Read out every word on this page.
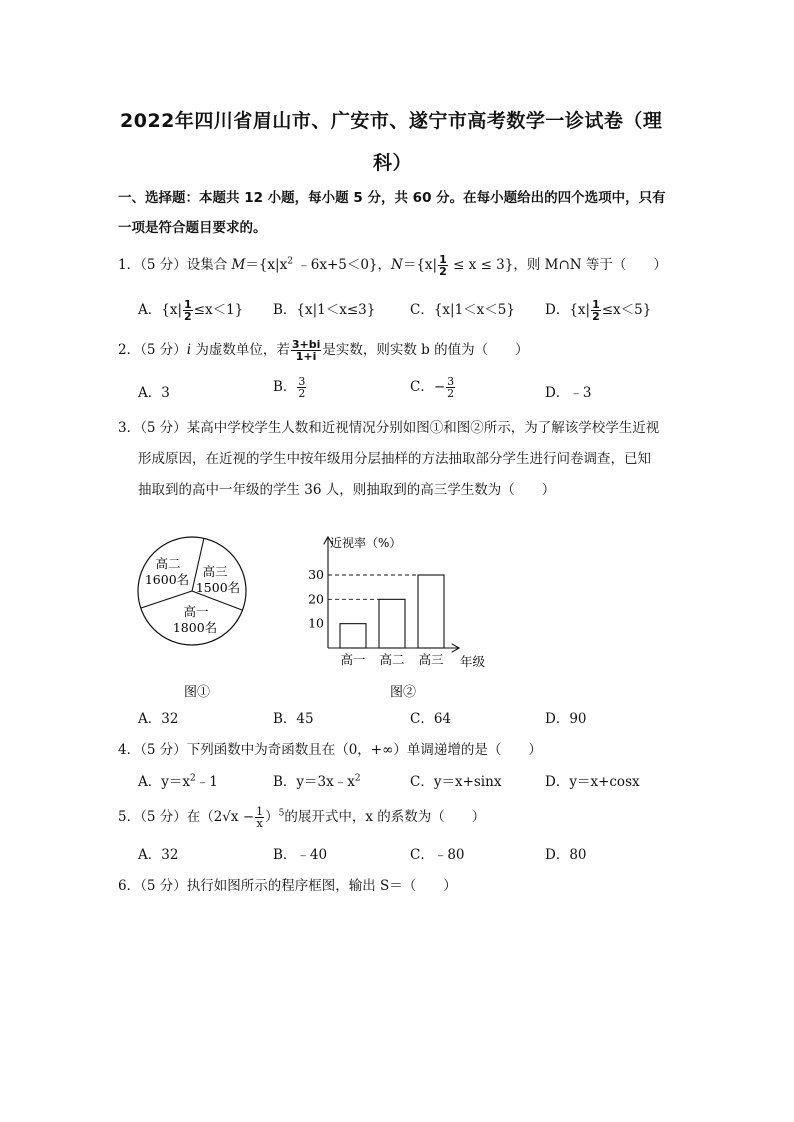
2022年四川省眉山市、广安市、遂宁市高考数学一诊试卷（理
科）
一、选择题：本题共 12 小题，每小题 5 分，共 60 分。在每小题给出的四个选项中，只有
一项是符合题目要求的。
1．（5 分）设集合 $M=\{x|x^2$ ﹣6x+5＜0}，$N=\{x| \frac{1}{2} \le x \le 3\}$，则 M∩N 等于（　　）
A．$\{x| \frac{1}{2} \le x<1\}$ B．{x|1＜x≤3}	C．{x|1＜x＜5} D．$\{x| \frac{1}{2} \le x<5\}$
2．（5 分）i 为虚数单位，若 $\frac{3+bi}{1+i}$ 是实数，则实数 b 的值为（　　）
A．3	B． $\frac{3}{2}$	C．− $\frac{3}{2}$	D．﹣3
3．（5 分）某高中学校学生人数和近视情况分别如图①和图②所示，为了解该学校学生近视
形成原因，在近视的学生中按年级用分层抽样的方法抽取部分学生进行问卷调查，已知
抽取到的高中一年级的学生 36 人，则抽取到的高三学生数为（　　）
高二
1600名
高三
1500名
高一
1800名
图①
近视率（%）
年级
10
20
30
高一 高二 高三
图②
A．32	B．45	C．64	D．90
4．（5 分）下列函数中为奇函数且在（0，+∞）单调递增的是（　　）
A．$y=x^2﹣1$	B．$y=3x﹣x^2$	C．y＝x+sinx	D．y＝x+cosx
5．（5 分）在$(2√x - \frac{1}{x} )^5$的展开式中，x 的系数为（　　）
A．32	B．﹣40	C．﹣80	D．80
6．（5 分）执行如图所示的程序框图，输出 S＝（　　）
